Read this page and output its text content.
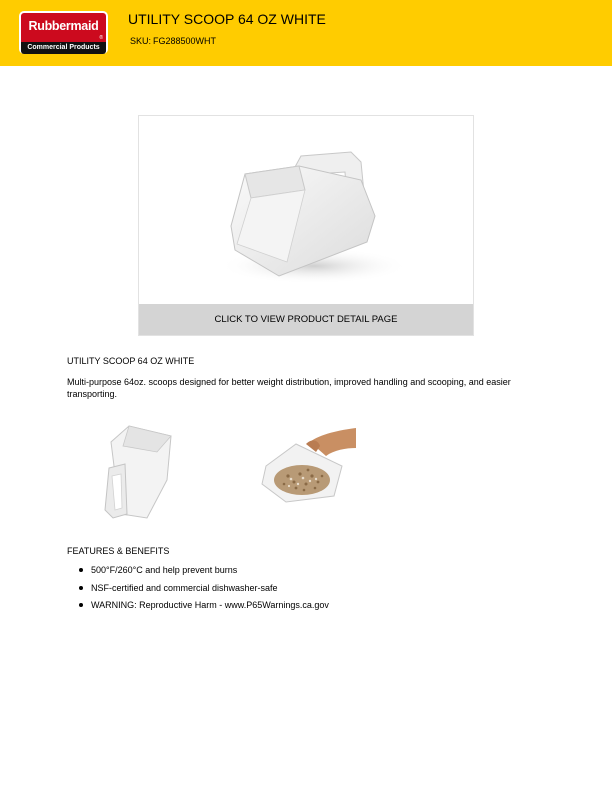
Rubbermaid
®
Commercial Products
UTILITY SCOOP 64 OZ WHITE
SKU: FG288500WHT
CLICK TO VIEW PRODUCT DETAIL PAGE
UTILITY SCOOP 64 OZ WHITE
Multi-purpose 64oz. scoops designed for better weight distribution, improved handling and scooping, and easier transporting.
FEATURES & BENEFITS
500°F/260°C and help prevent burns
NSF-certified and commercial dishwasher-safe
WARNING: Reproductive Harm - www.P65Warnings.ca.gov
